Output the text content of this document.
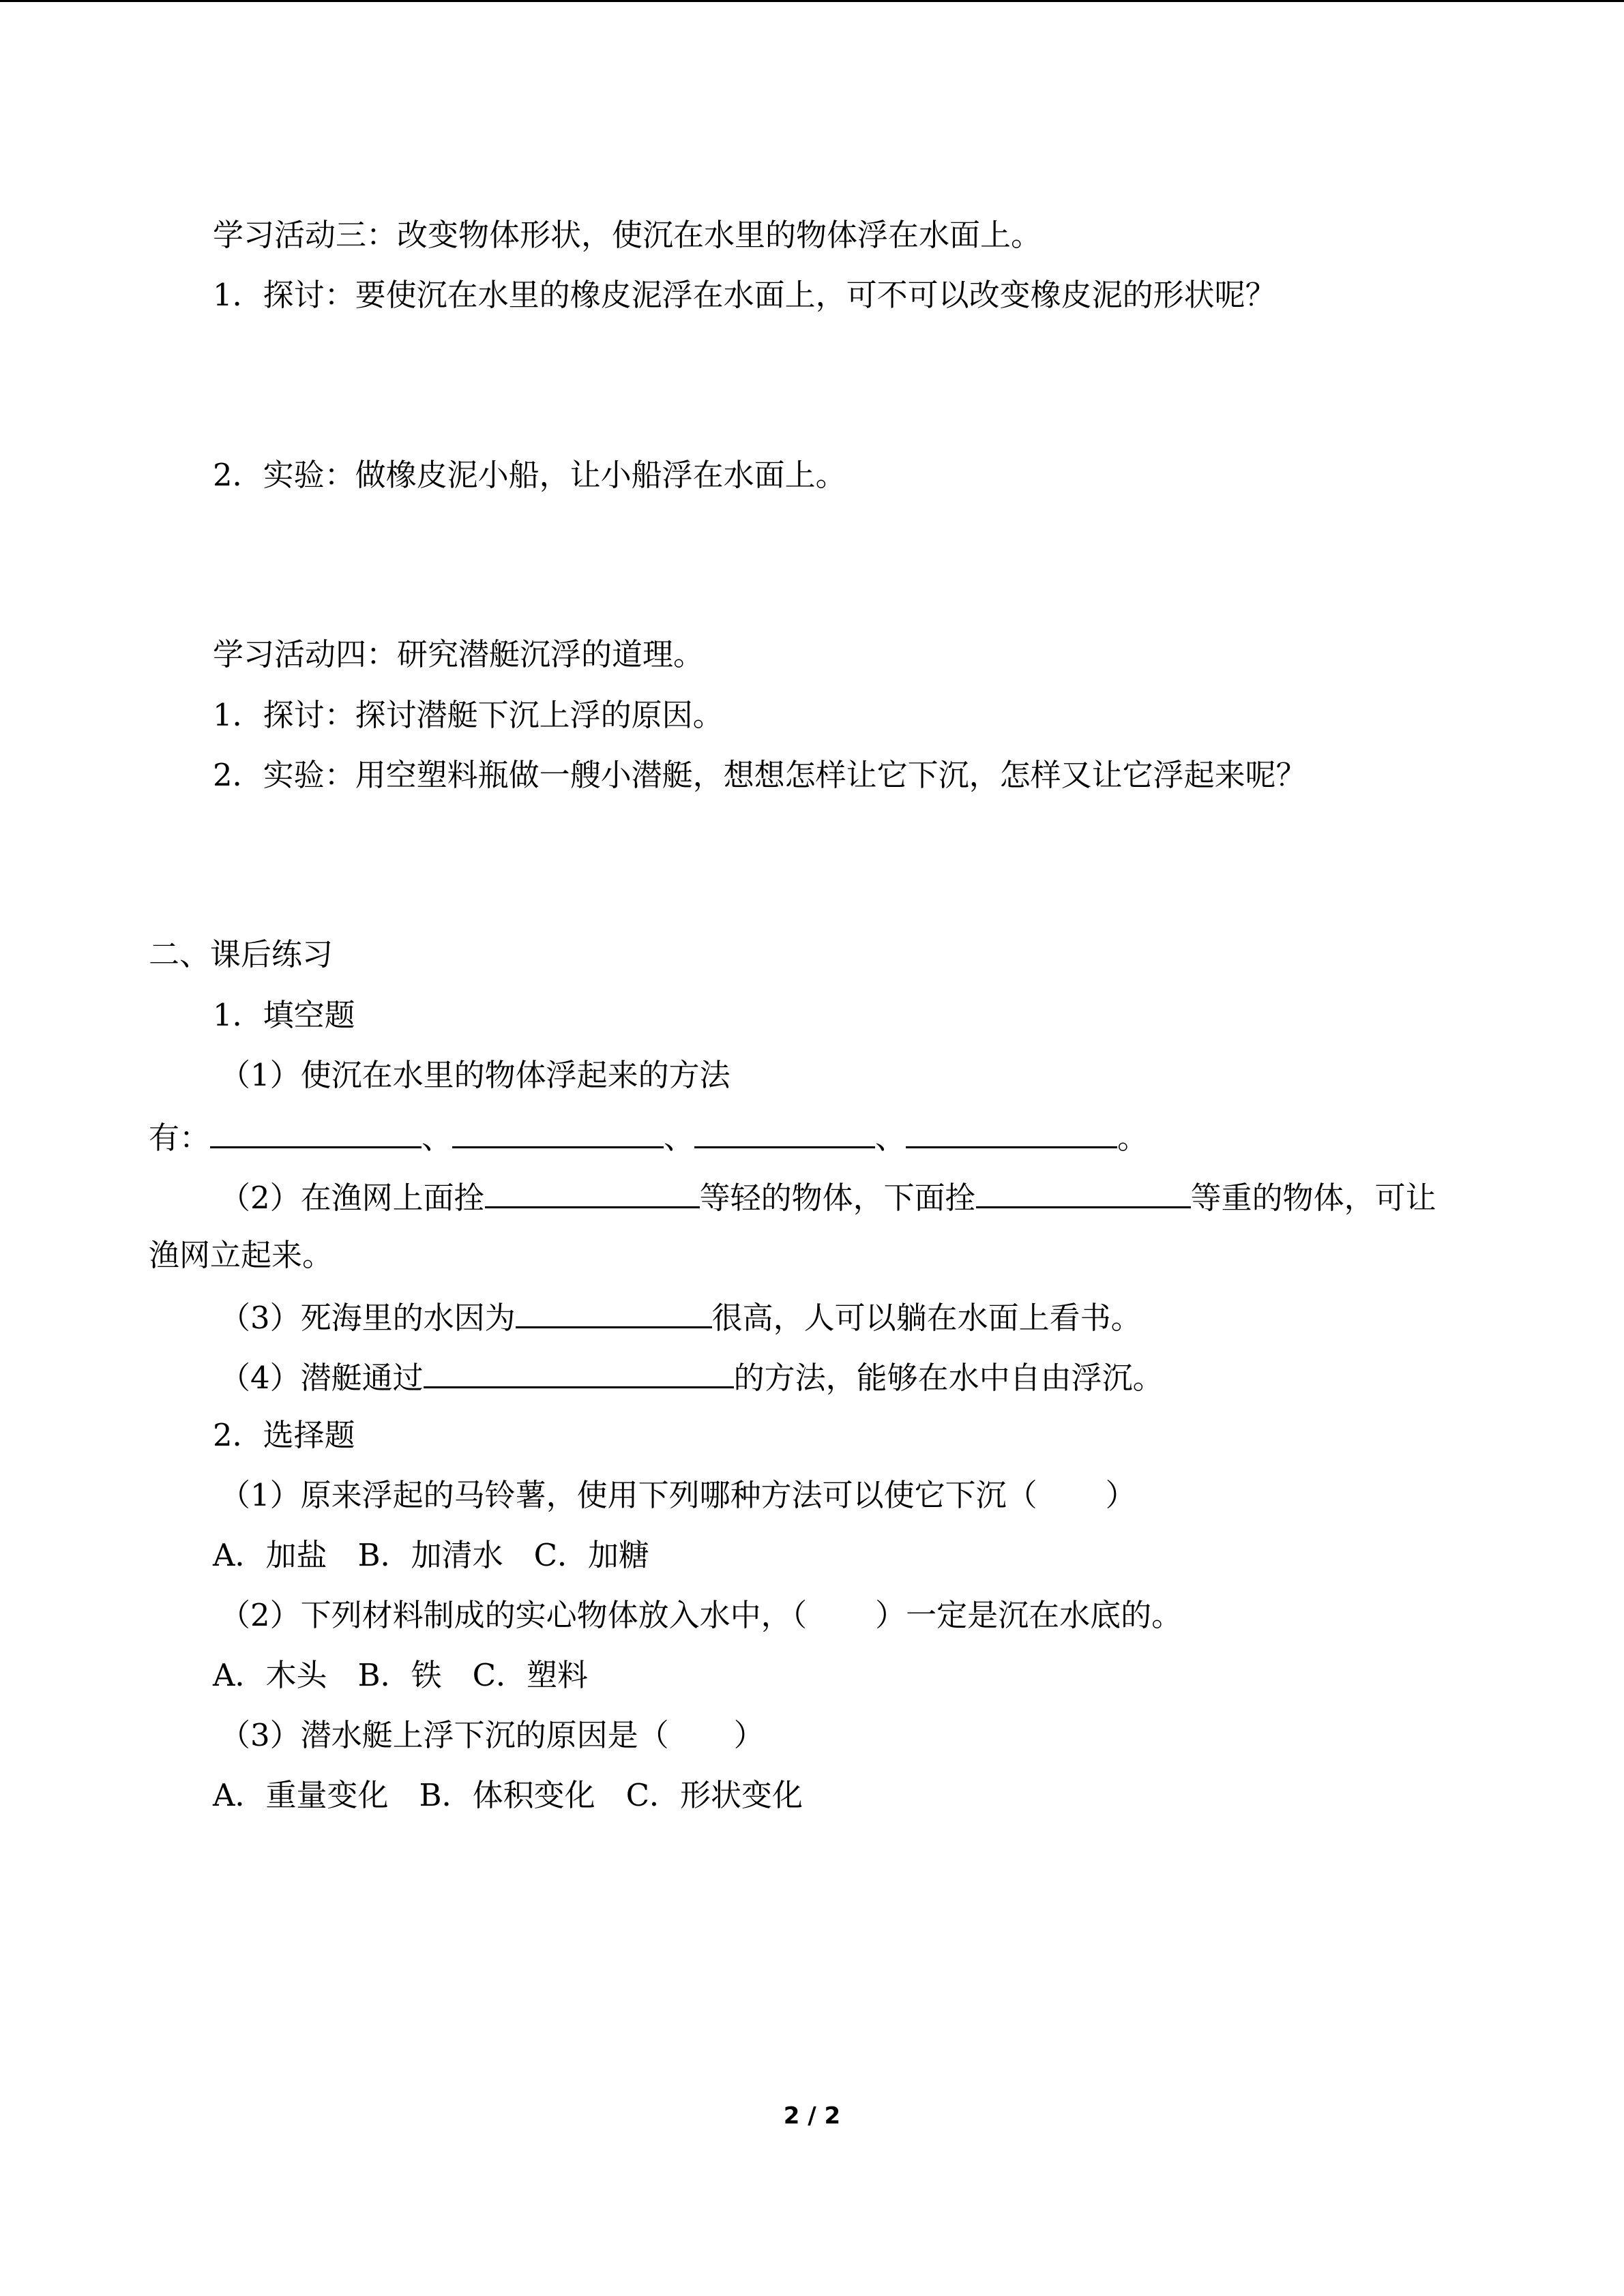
学习活动三：改变物体形状，使沉在水里的物体浮在水面上。
1．探讨：要使沉在水里的橡皮泥浮在水面上，可不可以改变橡皮泥的形状呢？
2．实验：做橡皮泥小船，让小船浮在水面上。
学习活动四：研究潜艇沉浮的道理。
1．探讨：探讨潜艇下沉上浮的原因。
2．实验：用空塑料瓶做一艘小潜艇，想想怎样让它下沉，怎样又让它浮起来呢？
二、课后练习
1．填空题
（1）使沉在水里的物体浮起来的方法
有：	、	、	、	。
（2）在渔网上面拴	等轻的物体，下面拴	等重的物体，可让
渔网立起来。
（3）死海里的水因为	很高，人可以躺在水面上看书。
（4）潜艇通过	的方法，能够在水中自由浮沉。
2．选择题
（1）原来浮起的马铃薯，使用下列哪种方法可以使它下沉（ ）
A．加盐　B．加清水　C．加糖
（2）下列材料制成的实心物体放入水中，（ ）一定是沉在水底的。
A．木头　B．铁　C．塑料
（3）潜水艇上浮下沉的原因是（ ）
A．重量变化　B．体积变化　C．形状变化
2 / 2
